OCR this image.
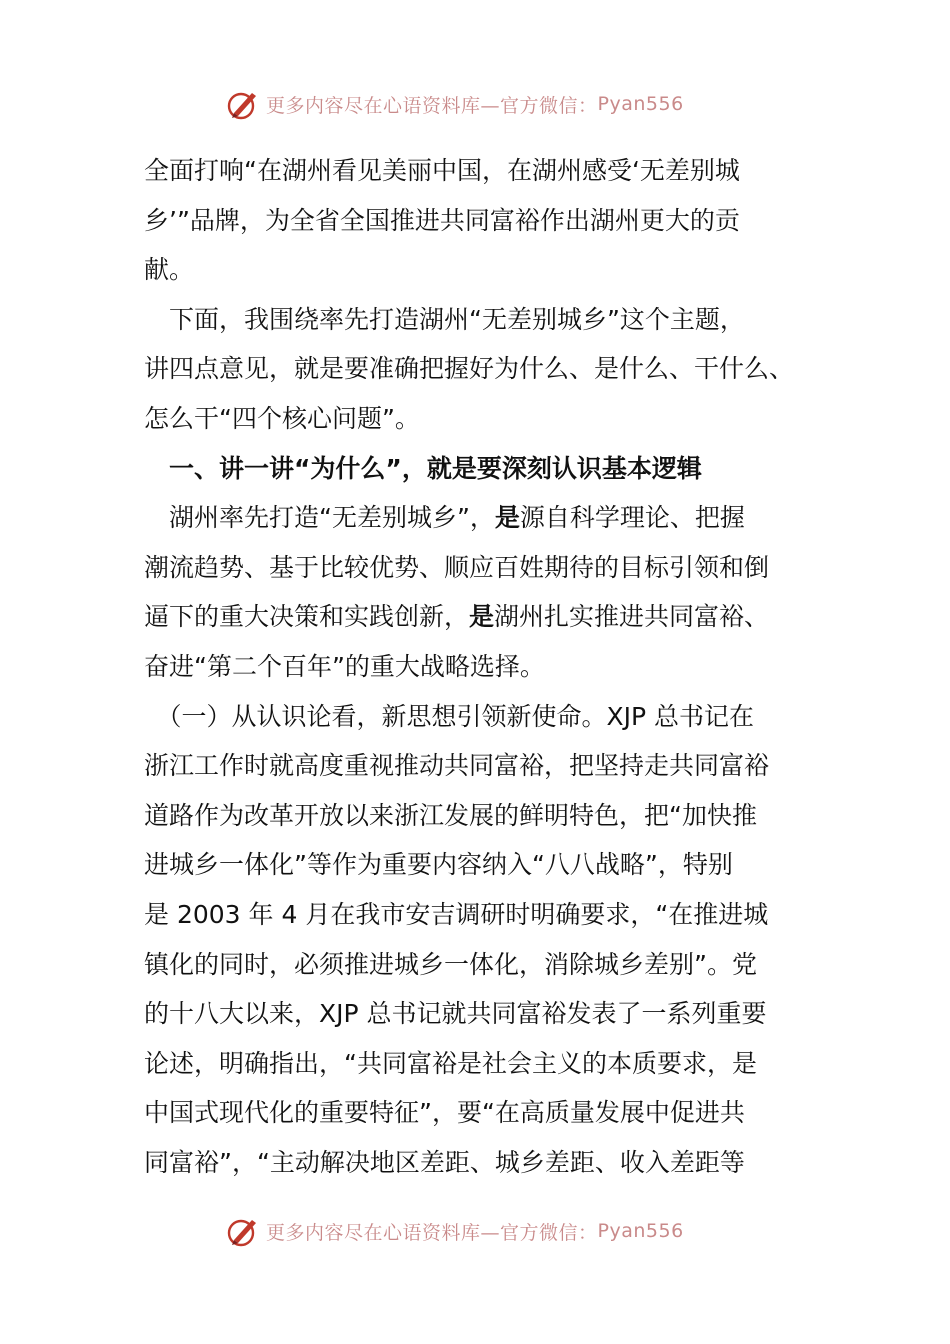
更多内容尽在心语资料库—官方微信： Pyan556
全面打响“在湖州看见美丽中国，在湖州感受‘无差别城
乡’”品牌，为全省全国推进共同富裕作出湖州更大的贡
献。
　下面，我围绕率先打造湖州“无差别城乡”这个主题，
讲四点意见，就是要准确把握好为什么、是什么、干什么、
怎么干“四个核心问题”。
　一、讲一讲“为什么”，就是要深刻认识基本逻辑
　湖州率先打造“无差别城乡”，是源自科学理论、把握
潮流趋势、基于比较优势、顺应百姓期待的目标引领和倒
逼下的重大决策和实践创新，是湖州扎实推进共同富裕、
奋进“第二个百年”的重大战略选择。
　（一）从认识论看，新思想引领新使命。XJP 总书记在
浙江工作时就高度重视推动共同富裕，把坚持走共同富裕
道路作为改革开放以来浙江发展的鲜明特色，把“加快推
进城乡一体化”等作为重要内容纳入“八八战略”，特别
是 2003 年 4 月在我市安吉调研时明确要求，“在推进城
镇化的同时，必须推进城乡一体化，消除城乡差别”。党
的十八大以来，XJP 总书记就共同富裕发表了一系列重要
论述，明确指出，“共同富裕是社会主义的本质要求，是
中国式现代化的重要特征”，要“在高质量发展中促进共
同富裕”，“主动解决地区差距、城乡差距、收入差距等
更多内容尽在心语资料库—官方微信： Pyan556
